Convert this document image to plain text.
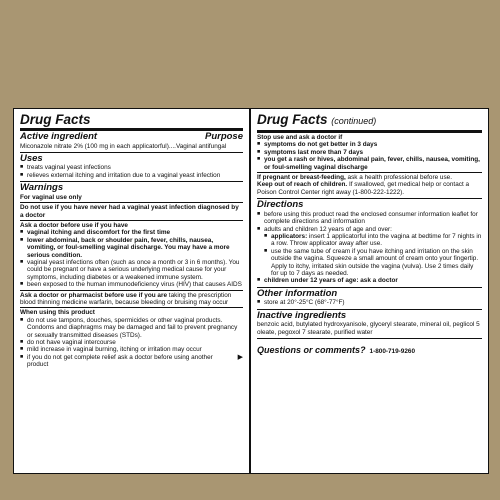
Drug Facts
Active ingredient	Purpose
Miconazole nitrate 2% (100 mg in each applicatorful)....Vaginal antifungal
Uses
■ treats vaginal yeast infections
■ relieves external itching and irritation due to a vaginal yeast infection
Warnings
For vaginal use only
Do not use if you have never had a vaginal yeast infection diagnosed by a doctor
Ask a doctor before use if you have
■ vaginal itching and discomfort for the first time
■ lower abdominal, back or shoulder pain, fever, chills, nausea, vomiting, or foul-smelling vaginal discharge. You may have a more serious condition.
■ vaginal yeast infections often (such as once a month or 3 in 6 months). You could be pregnant or have a serious underlying medical cause for your symptoms, including diabetes or a weakened immune system.
■ been exposed to the human immunodeficiency virus (HIV) that causes AIDS
Ask a doctor or pharmacist before use if you are taking the prescription blood thinning medicine warfarin, because bleeding or bruising may occur
When using this product
■ do not use tampons, douches, spermicides or other vaginal products. Condoms and diaphragms may be damaged and fail to prevent pregnancy or sexually transmitted diseases (STDs).
■ do not have vaginal intercourse
■ mild increase in vaginal burning, itching or irritation may occur
■ if you do not get complete relief ask a doctor before using another product
▶
Drug Facts (continued)
Stop use and ask a doctor if
■ symptoms do not get better in 3 days
■ symptoms last more than 7 days
■ you get a rash or hives, abdominal pain, fever, chills, nausea, vomiting, or foul-smelling vaginal discharge
If pregnant or breast-feeding, ask a health professional before use.
Keep out of reach of children. If swallowed, get medical help or contact a Poison Control Center right away (1-800-222-1222).
Directions
■ before using this product read the enclosed consumer information leaflet for complete directions and information
■ adults and children 12 years of age and over:
■ applicators: insert 1 applicatorful into the vagina at bedtime for 7 nights in a row. Throw applicator away after use.
■ use the same tube of cream if you have itching and irritation on the skin outside the vagina. Squeeze a small amount of cream onto your fingertip. Apply to itchy, irritated skin outside the vagina (vulva). Use 2 times daily for up to 7 days as needed.
■ children under 12 years of age: ask a doctor
Other information
■ store at 20°-25°C (68°-77°F)
Inactive ingredients
benzoic acid, butylated hydroxyanisole, glyceryl stearate, mineral oil, peglicol 5 oleate, pegoxol 7 stearate, purified water
Questions or comments? 1-800-719-9260
